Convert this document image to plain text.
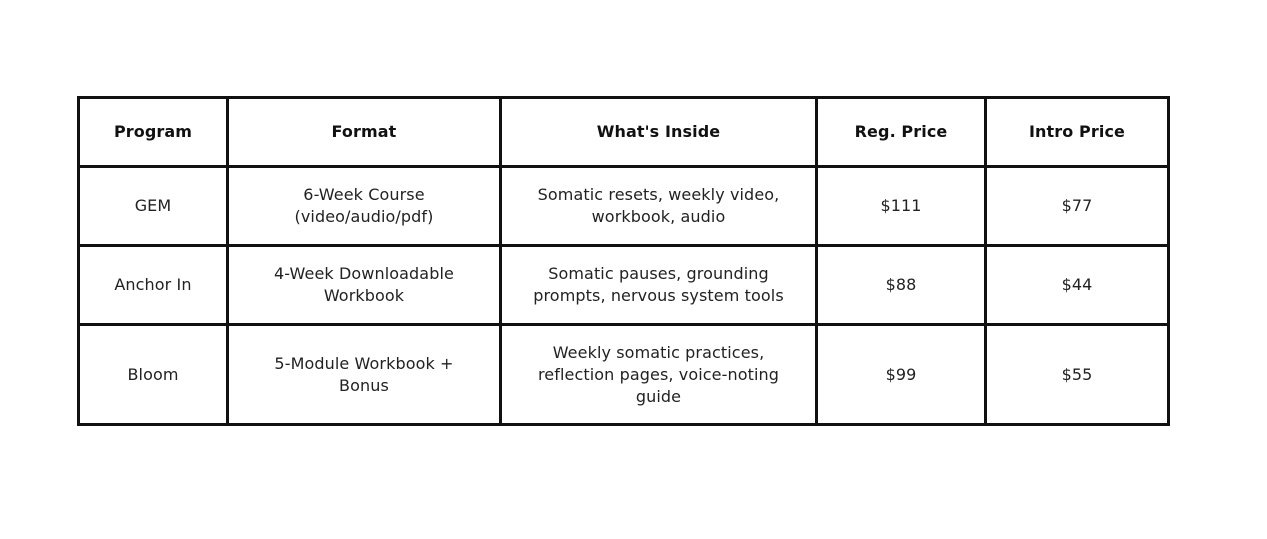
Program	Format	What's Inside	Reg. Price	Intro Price
GEM	6-Week Course (video/audio/pdf)	Somatic resets, weekly video, workbook, audio	$111	$77
Anchor In	4-Week Downloadable Workbook	Somatic pauses, grounding prompts, nervous system tools	$88	$44
Bloom	5-Module Workbook + Bonus	Weekly somatic practices, reflection pages, voice-noting guide	$99	$55
